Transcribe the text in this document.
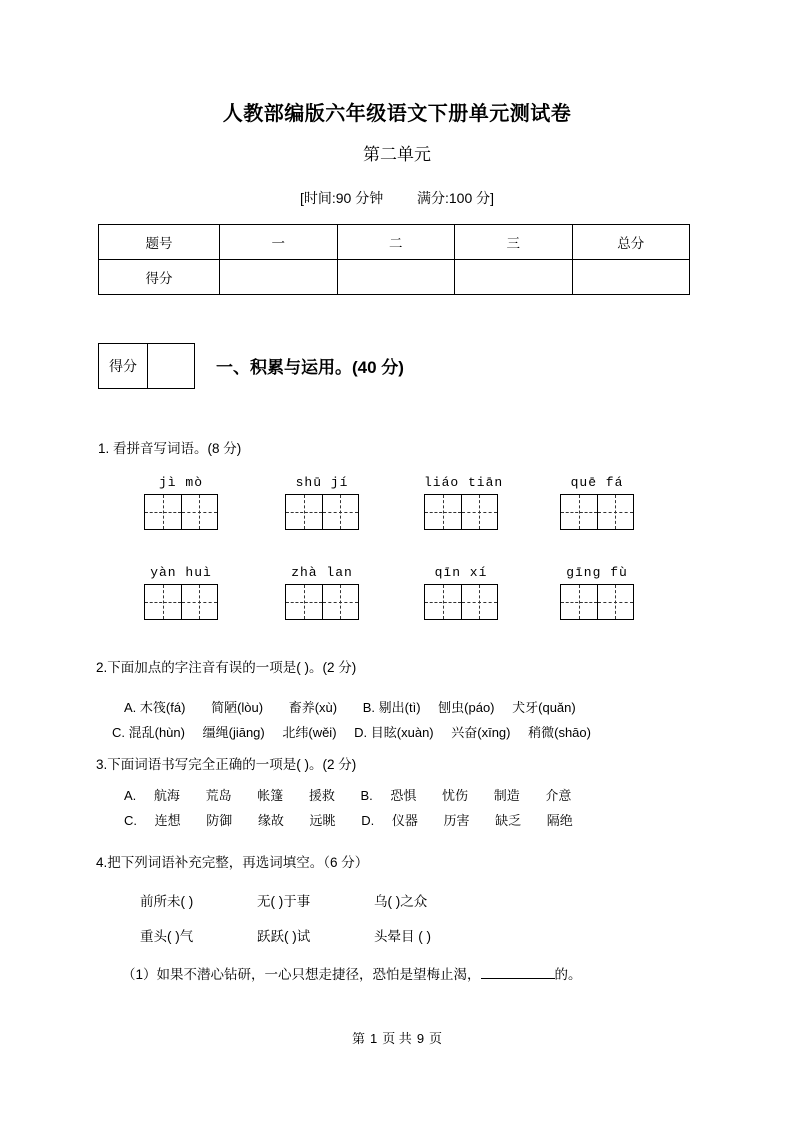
人教部编版六年级语文下册单元测试卷
第二单元
[时间:90 分钟 满分:100 分]
题号	一	二	三	总分
得分				
得分	一、积累与运用。(40 分)
1. 看拼音写词语。(8 分)
jì mò	shū jí	liáo tiān	quē fá
yàn huì	zhà lan	qīn xí	gīng fù
2.下面加点的字注音有误的一项是( )。(2 分)
A. 木筏(fá) 简陋(lòu) 畜养(xù) B. 剔出(tì) 刨虫(páo) 犬牙(quǎn)
C. 混乱(hùn) 缰绳(jiāng) 北纬(wěi) D. 目眩(xuàn) 兴奋(xīng) 稍微(shāo)
3.下面词语书写完全正确的一项是( )。(2 分)
A. 航海 荒岛 帐篷 援救 B. 恐惧 忧伤 制造 介意
C. 连想 防御 缘故 远眺 D. 仪器 历害 缺乏 隔绝
4.把下列词语补充完整，再选词填空。（6 分）
前所未( )	无( )于事	乌( )之众
重头( )气	跃跃( )试	头晕目 ( )
（1）如果不潜心钻研，一心只想走捷径，恐怕是望梅止渴，	的。
第 1 页 共 9 页
